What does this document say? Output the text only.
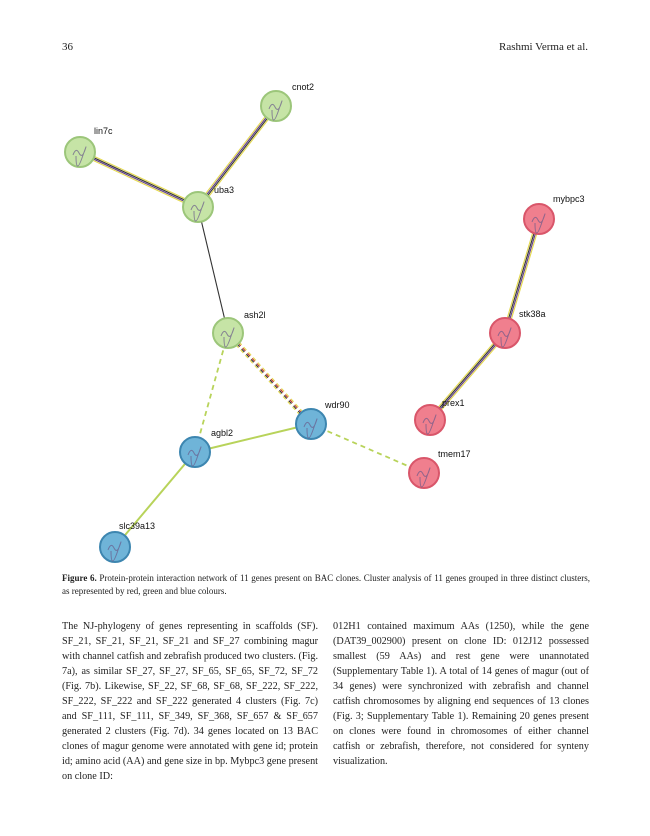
36	Rashmi Verma et al.
cnot2
lin7c
uba3
ash2l
mybpc3
stk38a
prex1
tmem17
wdr90
agbl2
slc39a13
Figure 6. Protein-protein interaction network of 11 genes present on BAC clones. Cluster analysis of 11 genes grouped in three distinct clusters, as represented by red, green and blue colours.
The NJ-phylogeny of genes representing in scaffolds (SF). SF_21, SF_21, SF_21, SF_21 and SF_27 combining magur with channel catfish and zebrafish produced two clusters. (Fig. 7a), as similar SF_27, SF_27, SF_65, SF_65, SF_72, SF_72 (Fig. 7b). Likewise, SF_22, SF_68, SF_68, SF_222, SF_222, SF_222, SF_222 and SF_222 generated 4 clusters (Fig. 7c) and SF_111, SF_111, SF_349, SF_368, SF_657 & SF_657 generated 2 clusters (Fig. 7d). 34 genes located on 13 BAC clones of magur genome were annotated with gene id; protein id; amino acid (AA) and gene size in bp. Mybpc3 gene present on clone ID:
012H1 contained maximum AAs (1250), while the gene (DAT39_002900) present on clone ID: 012J12 possessed smallest (59 AAs) and rest gene were unannotated (Supplementary Table 1). A total of 14 genes of magur (out of 34 genes) were synchronized with zebrafish and channel catfish chromosomes by aligning end sequences of 13 clones (Fig. 3; Supplementary Table 1). Remaining 20 genes present on clones were found in chromosomes of either channel catfish or zebrafish, therefore, not considered for synteny visualization.
